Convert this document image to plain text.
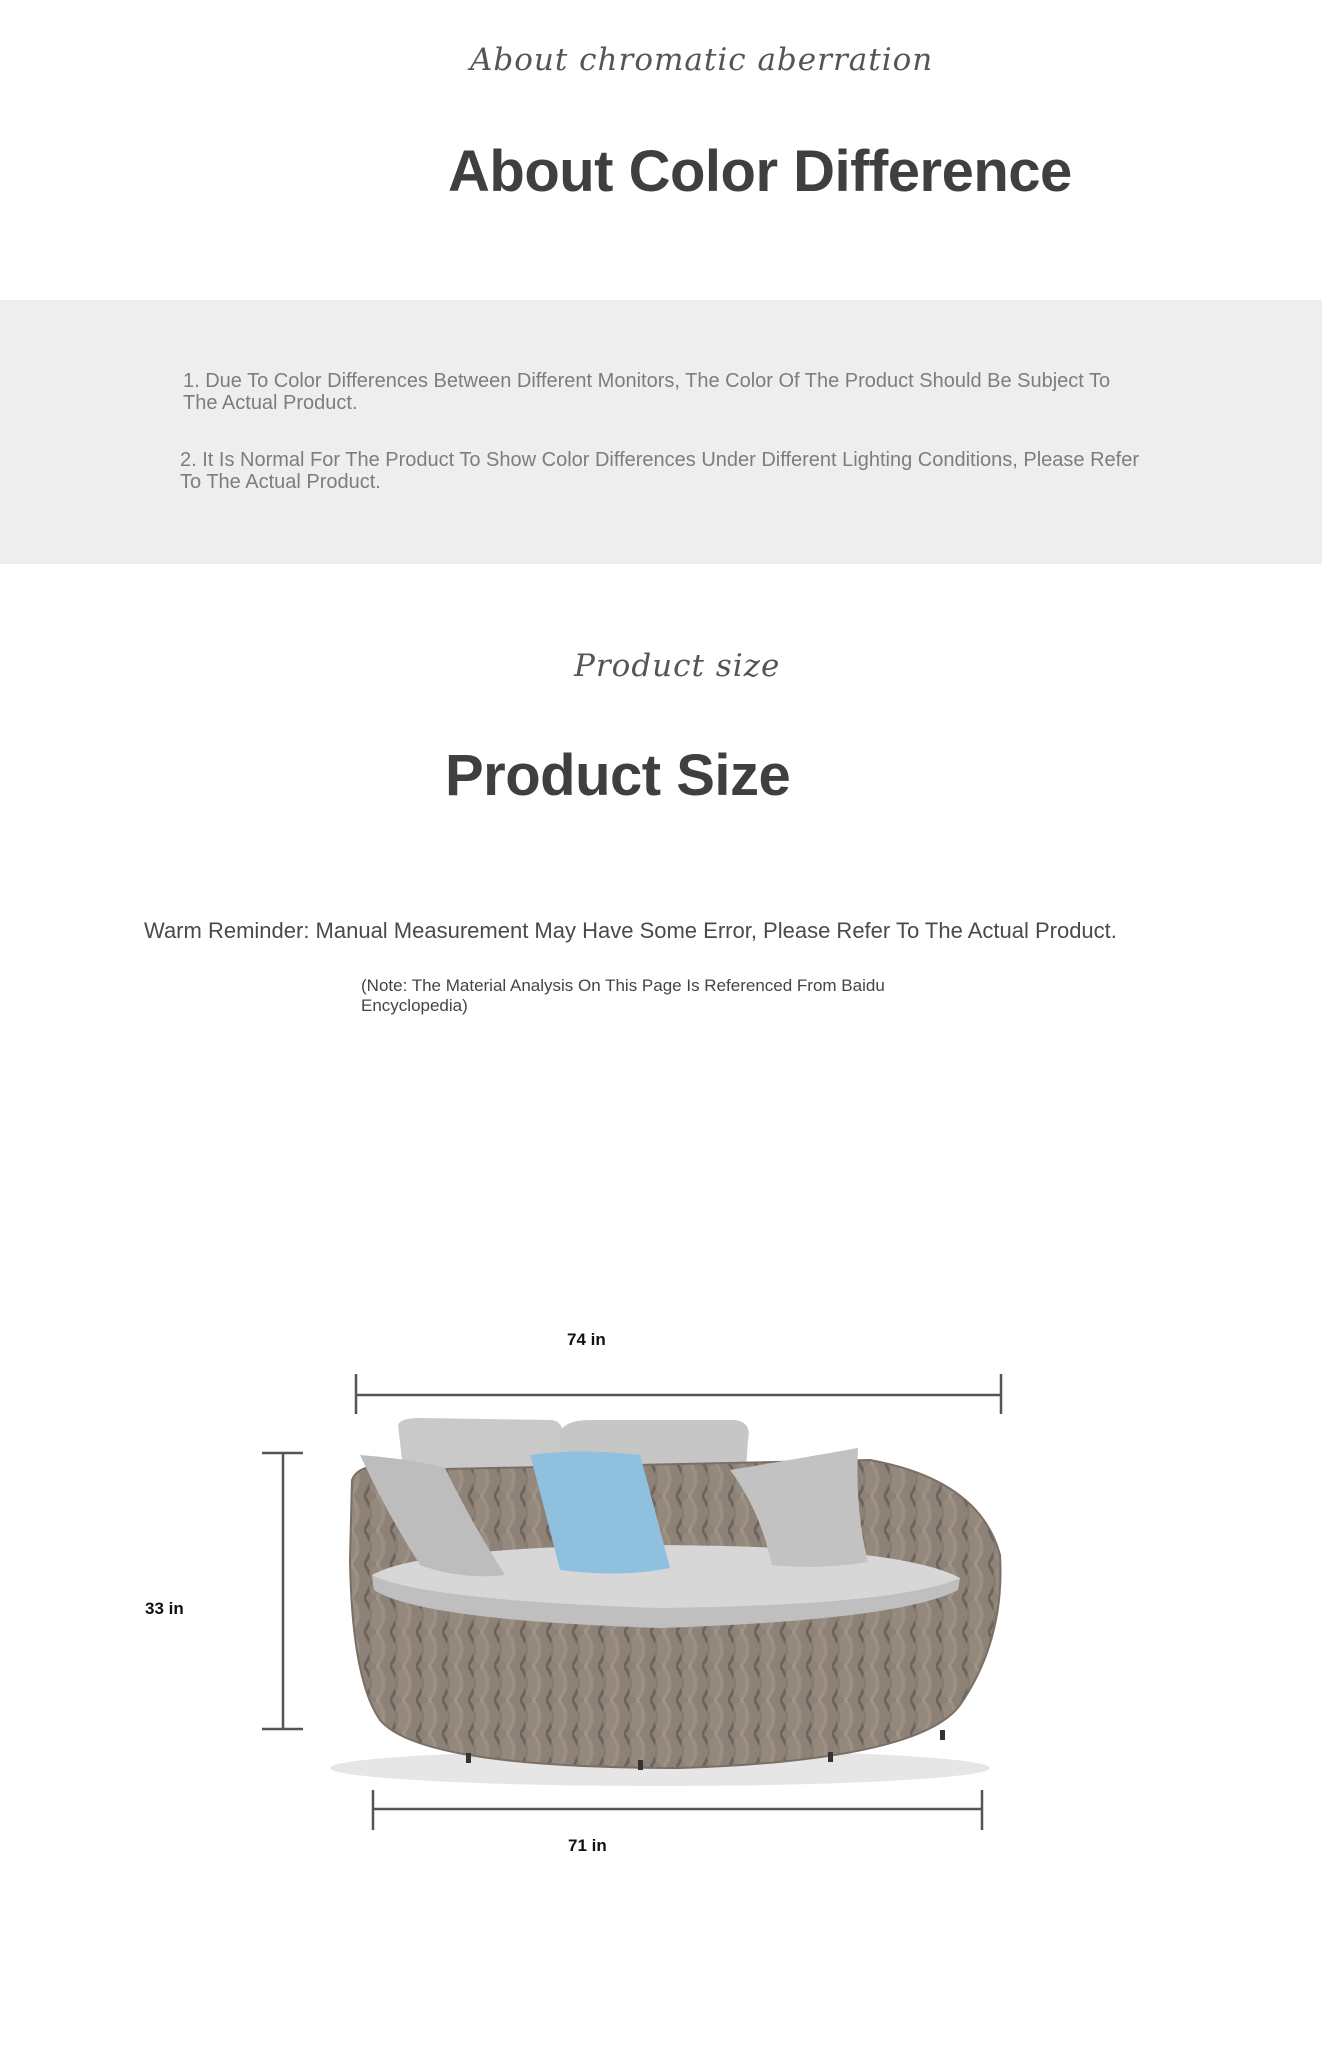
About chromatic aberration
About Color Difference
1. Due To Color Differences Between Different Monitors, The Color Of The Product Should Be Subject To The Actual Product.
2. It Is Normal For The Product To Show Color Differences Under Different Lighting Conditions, Please Refer To The Actual Product.
Product size
Product Size
Warm Reminder: Manual Measurement May Have Some Error, Please Refer To The Actual Product.
(Note: The Material Analysis On This Page Is Referenced From Baidu Encyclopedia)
74 in
33 in
71 in
